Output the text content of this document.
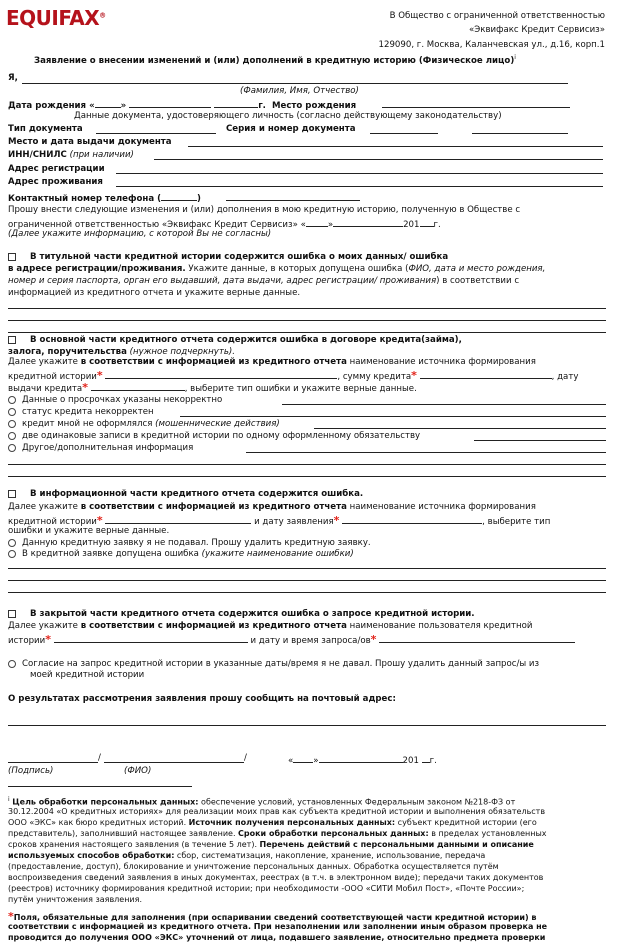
EQUIFAX®	В Общество с ограниченной ответственностью
«Эквифакс Кредит Сервисиз»
129090, г. Москва, Каланчевская ул., д.16, корп.1
Заявление о внесении изменений и (или) дополнений в кредитную историю (Физическое лицо)$^i$
Я,
(Фамилия, Имя, Отчество)
Дата рождения «	»	г. Место рождения
Данные документа, удостоверяющего личность (согласно действующему законодательству)
Тип документа	Серия и номер документа
Место и дата выдачи документа
ИНН/СНИЛС (при наличии)
Адрес регистрации
Адрес проживания
Контактный номер телефона (	)
Прошу внести следующие изменения и (или) дополнения в мою кредитную историю, полученную в Обществе с
ограниченной ответственностью «Эквифакс Кредит Сервисиз» «	»	201 г.
(Далее укажите информацию, с которой Вы не согласны)
В титульной части кредитной истории содержится ошибка о моих данных/ ошибка
в адресе регистрации/проживания. Укажите данные, в которых допущена ошибка (ФИО, дата и место рождения,
номер и серия паспорта, орган его выдавший, дата выдачи, адрес регистрации/ проживания) в соответствии с
информацией из кредитного отчета и укажите верные данные.
В основной части кредитного отчета содержится ошибка в договоре кредита(займа),
залога, поручительства (нужное подчеркнуть).
Далее укажите в соответствии с информацией из кредитного отчета наименование источника формирования
кредитной истории*	, сумму кредита*	, дату
выдачи кредита*	, выберите тип ошибки и укажите верные данные.
Данные о просрочках указаны некорректно
статус кредита некорректен
кредит мной не оформлялся (мошеннические действия)
две одинаковые записи в кредитной истории по одному оформленному обязательству
Другое/дополнительная информация
В информационной части кредитного отчета содержится ошибка.
Далее укажите в соответствии с информацией из кредитного отчета наименование источника формирования
кредитной истории*	и дату заявления*	, выберите тип
ошибки и укажите верные данные.
Данную кредитную заявку я не подавал. Прошу удалить кредитную заявку.
В кредитной заявке допущена ошибка (укажите наименование ошибки)
В закрытой части кредитного отчета содержится ошибка о запросе кредитной истории.
Далее укажите в соответствии с информацией из кредитного отчета наименование пользователя кредитной
истории*	и дату и время запроса/ов*
Согласие на запрос кредитной истории в указанные даты/время я не давал. Прошу удалить данный запрос/ы из
моей кредитной истории
О результатах рассмотрения заявления прошу сообщить на почтовый адрес:
/	/	« »	201 г.
(Подпись)	(ФИО)
$^i$ Цель обработки персональных данных: обеспечение условий, установленных Федеральным законом №218-ФЗ от
30.12.2004 «О кредитных историях» для реализации моих прав как субъекта кредитной истории и выполнения обязательств
ООО «ЭКС» как бюро кредитных историй. Источник получения персональных данных: субъект кредитной истории (его
представитель), заполнивший настоящее заявление. Сроки обработки персональных данных: в пределах установленных
сроков хранения настоящего заявления (в течение 5 лет). Перечень действий с персональными данными и описание
используемых способов обработки: сбор, систематизация, накопление, хранение, использование, передача
(предоставление, доступ), блокирование и уничтожение персональных данных. Обработка осуществляется путём
воспроизведения сведений заявления в иных документах, реестрах (в т.ч. в электронном виде); передачи таких документов
(реестров) источнику формирования кредитной истории; при необходимости -ООО «СИТИ Мобил Пост», «Почте России»;
путём уничтожения заявления.
*Поля, обязательные для заполнения (при оспаривании сведений соответствующей части кредитной истории) в
соответствии с информацией из кредитного отчета. При незаполнении или заполнении иным образом проверка не
проводится до получения ООО «ЭКС» уточнений от лица, подавшего заявление, относительно предмета проверки
